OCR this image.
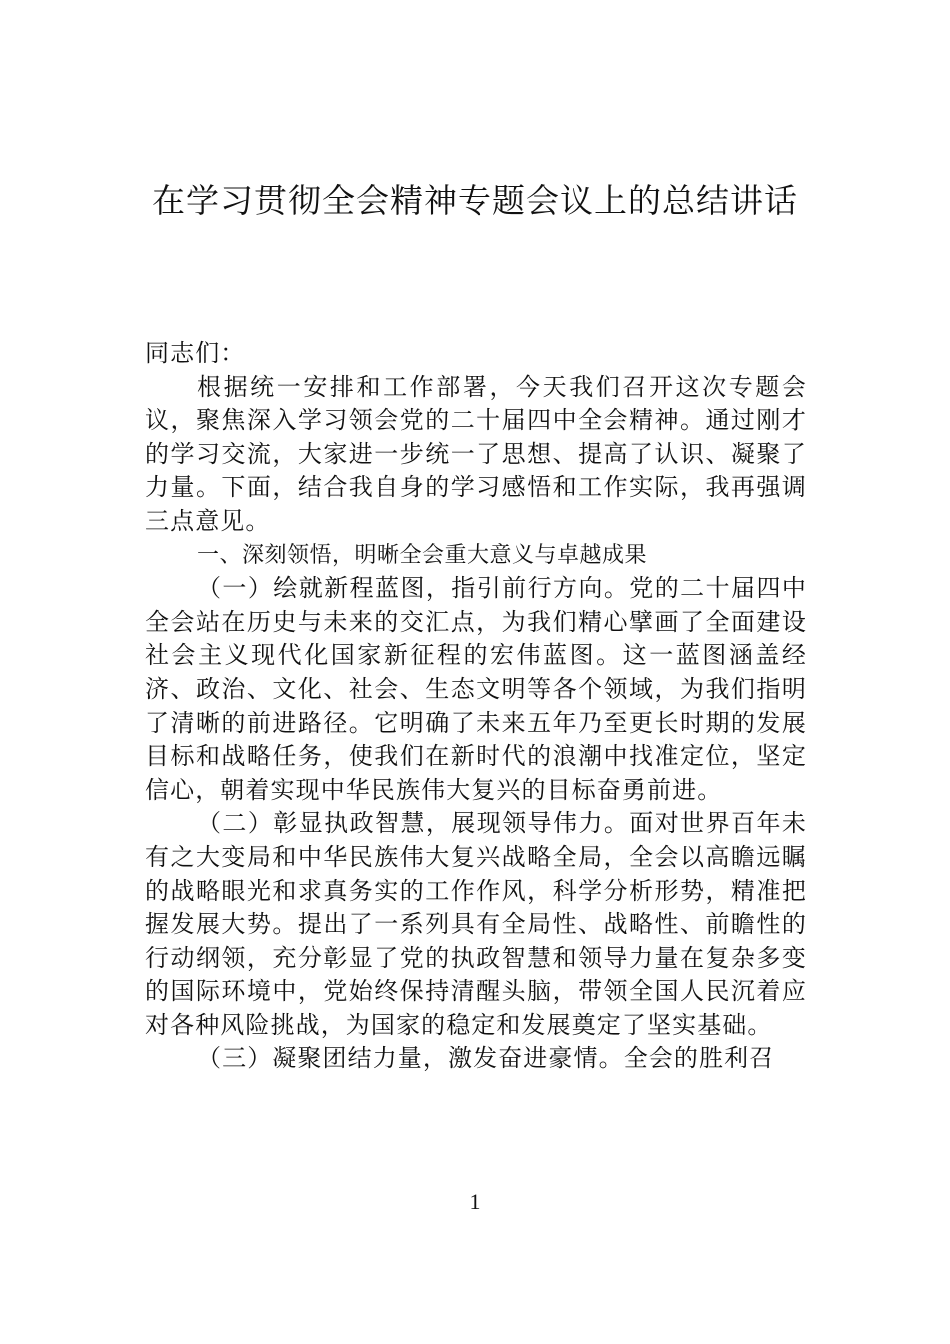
在学习贯彻全会精神专题会议上的总结讲话

同志们：

根据统一安排和工作部署，今天我们召开这次专题会议，聚焦深入学习领会党的二十届四中全会精神。通过刚才的学习交流，大家进一步统一了思想、提高了认识、凝聚了力量。下面，结合我自身的学习感悟和工作实际，我再强调三点意见。

一、深刻领悟，明晰全会重大意义与卓越成果

（一）绘就新程蓝图，指引前行方向。党的二十届四中全会站在历史与未来的交汇点，为我们精心擘画了全面建设社会主义现代化国家新征程的宏伟蓝图。这一蓝图涵盖经济、政治、文化、社会、生态文明等各个领域，为我们指明了清晰的前进路径。它明确了未来五年乃至更长时期的发展目标和战略任务，使我们在新时代的浪潮中找准定位，坚定信心，朝着实现中华民族伟大复兴的目标奋勇前进。

（二）彰显执政智慧，展现领导伟力。面对世界百年未有之大变局和中华民族伟大复兴战略全局，全会以高瞻远瞩的战略眼光和求真务实的工作作风，科学分析形势，精准把握发展大势。提出了一系列具有全局性、战略性、前瞻性的行动纲领，充分彰显了党的执政智慧和领导力量在复杂多变的国际环境中，党始终保持清醒头脑，带领全国人民沉着应对各种风险挑战，为国家的稳定和发展奠定了坚实基础。

（三）凝聚团结力量，激发奋进豪情。全会的胜利召

1
